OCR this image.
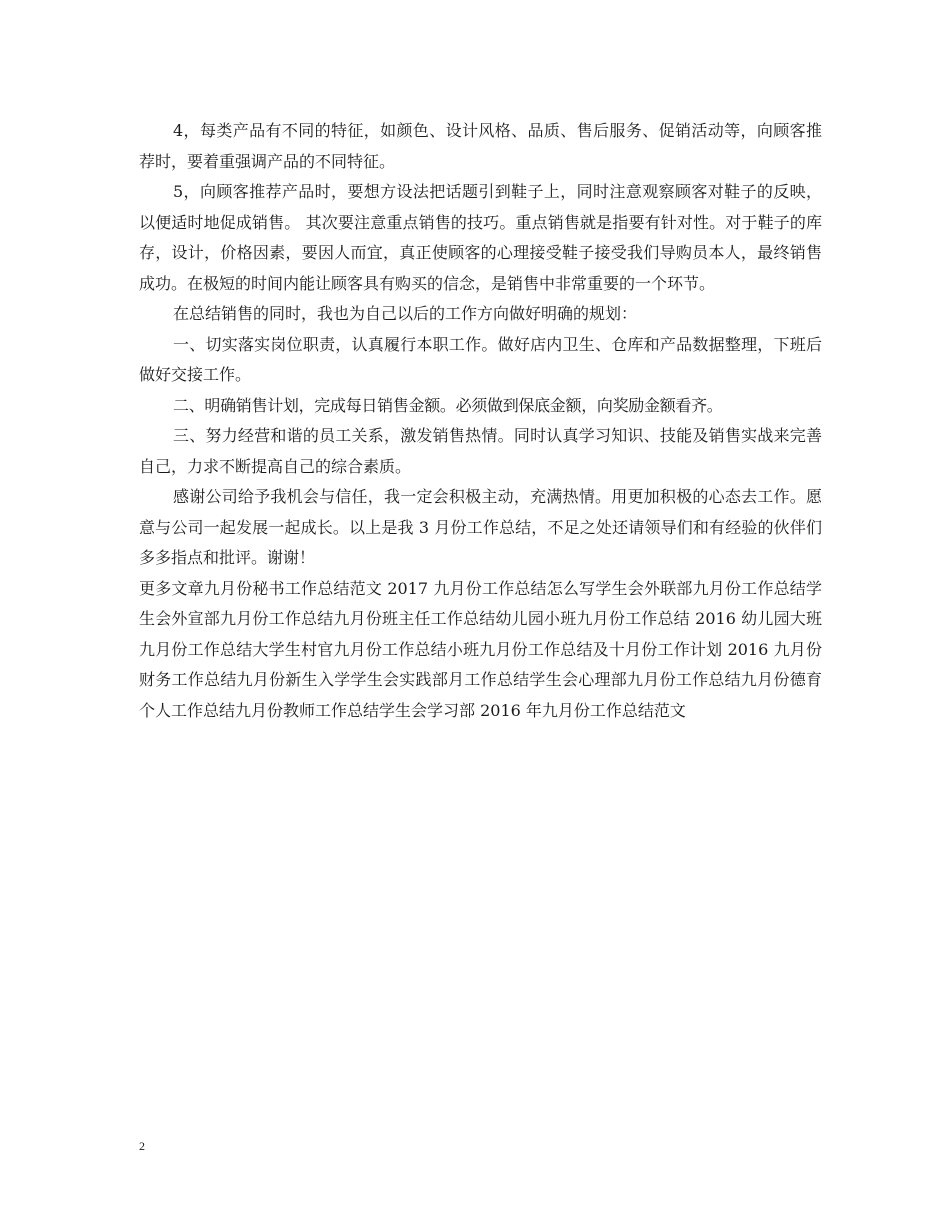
4，每类产品有不同的特征，如颜色、设计风格、品质、售后服务、促销活动等，向顾客推荐时，要着重强调产品的不同特征。

5，向顾客推荐产品时，要想方设法把话题引到鞋子上，同时注意观察顾客对鞋子的反映，以便适时地促成销售。 其次要注意重点销售的技巧。重点销售就是指要有针对性。对于鞋子的库存，设计，价格因素，要因人而宜，真正使顾客的心理接受鞋子接受我们导购员本人，最终销售成功。在极短的时间内能让顾客具有购买的信念，是销售中非常重要的一个环节。

在总结销售的同时，我也为自己以后的工作方向做好明确的规划：

一、切实落实岗位职责，认真履行本职工作。做好店内卫生、仓库和产品数据整理，下班后做好交接工作。

二、明确销售计划，完成每日销售金额。必须做到保底金额，向奖励金额看齐。

三、努力经营和谐的员工关系，激发销售热情。同时认真学习知识、技能及销售实战来完善自己，力求不断提高自己的综合素质。

感谢公司给予我机会与信任，我一定会积极主动，充满热情。用更加积极的心态去工作。愿意与公司一起发展一起成长。以上是我 3 月份工作总结，不足之处还请领导们和有经验的伙伴们多多指点和批评。谢谢！

更多文章九月份秘书工作总结范文 2017 九月份工作总结怎么写学生会外联部九月份工作总结学生会外宣部九月份工作总结九月份班主任工作总结幼儿园小班九月份工作总结 2016 幼儿园大班九月份工作总结大学生村官九月份工作总结小班九月份工作总结及十月份工作计划 2016 九月份财务工作总结九月份新生入学学生会实践部月工作总结学生会心理部九月份工作总结九月份德育个人工作总结九月份教师工作总结学生会学习部 2016 年九月份工作总结范文

2
